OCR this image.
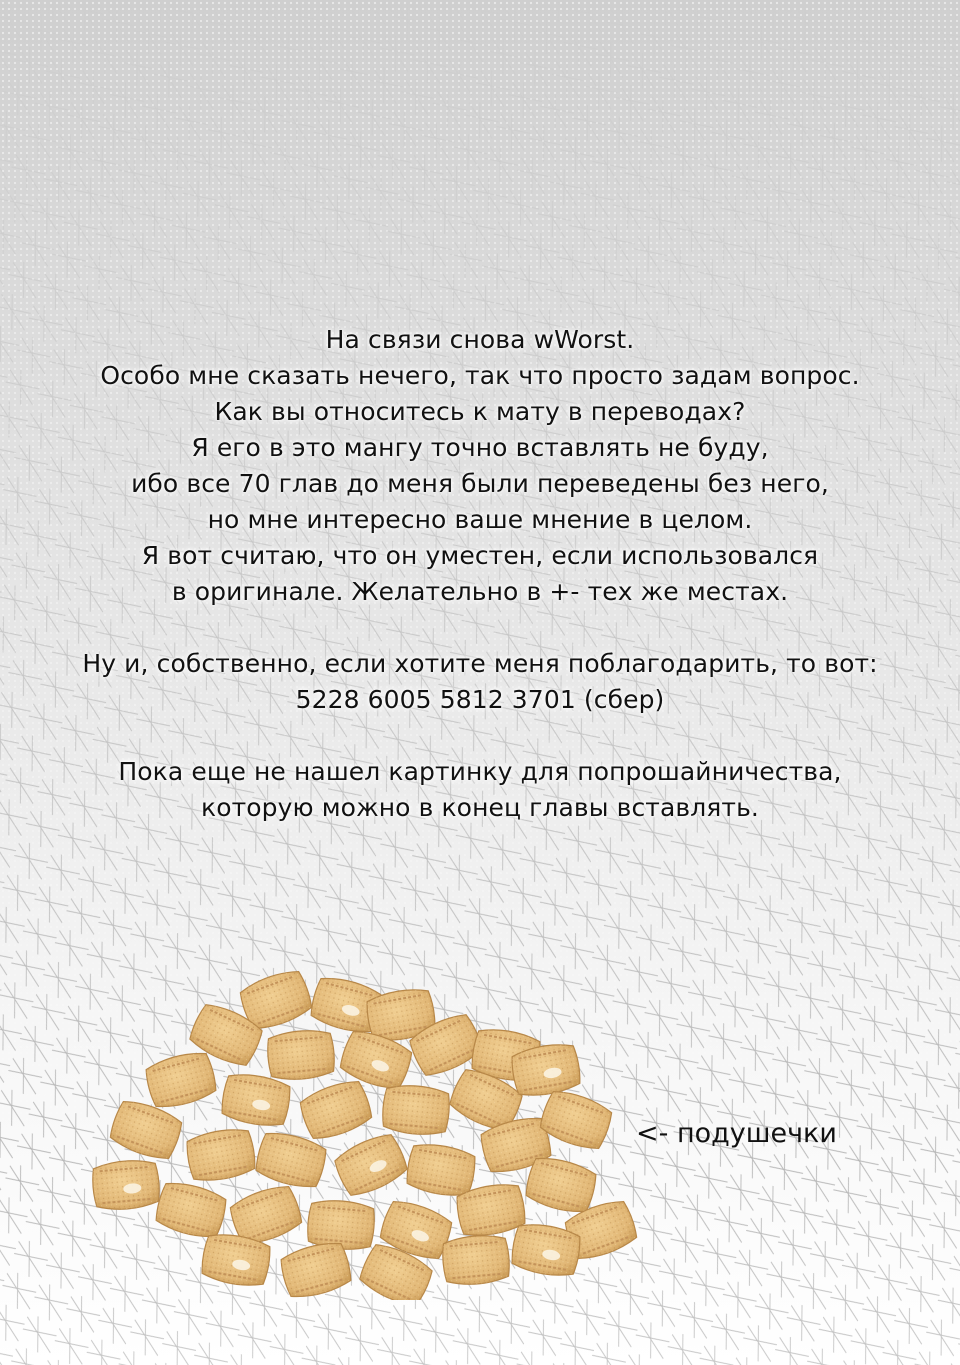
На связи снова wWorst.
Особо мне сказать нечего, так что просто задам вопрос.
Как вы относитесь к мату в переводах?
Я его в это мангу точно вставлять не буду,
ибо все 70 глав до меня были переведены без него,
но мне интересно ваше мнение в целом.
Я вот считаю, что он уместен, если использовался
в оригинале. Желательно в +- тех же местах.
Ну и, собственно, если хотите меня поблагодарить, то вот:
5228 6005 5812 3701 (сбер)
Пока еще не нашел картинку для попрошайничества,
которую можно в конец главы вставлять.
<- подушечки
